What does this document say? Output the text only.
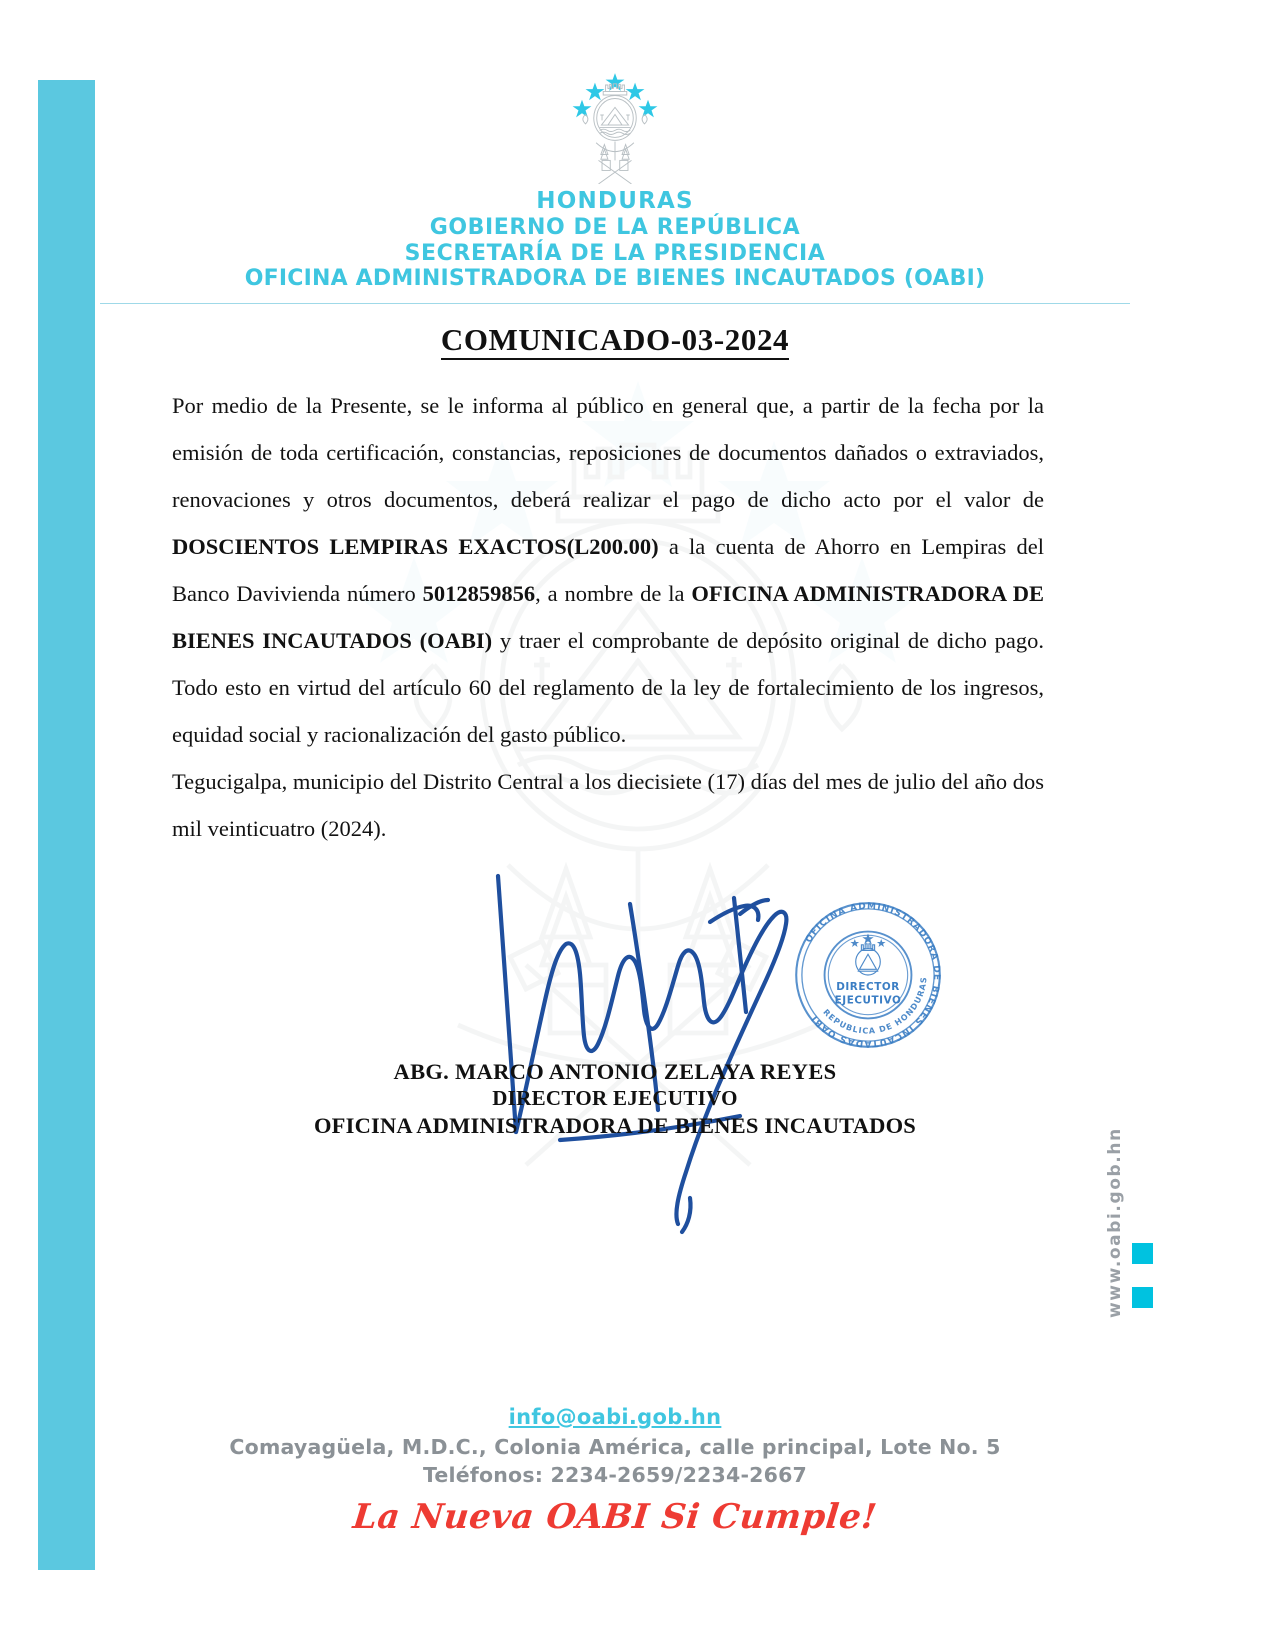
HONDURAS
GOBIERNO DE LA REPÚBLICA
SECRETARÍA DE LA PRESIDENCIA
OFICINA ADMINISTRADORA DE BIENES INCAUTADOS (OABI)
COMUNICADO-03-2024

Por medio de la Presente, se le informa al público en general que, a partir de la fecha por la emisión de toda certificación, constancias, reposiciones de documentos dañados o extraviados, renovaciones y otros documentos, deberá realizar el pago de dicho acto por el valor de DOSCIENTOS LEMPIRAS EXACTOS(L200.00) a la cuenta de Ahorro en Lempiras del Banco Davivienda número 5012859856, a nombre de la OFICINA ADMINISTRADORA DE BIENES INCAUTADOS (OABI) y traer el comprobante de depósito original de dicho pago. Todo esto en virtud del artículo 60 del reglamento de la ley de fortalecimiento de los ingresos, equidad social y racionalización del gasto público.

Tegucigalpa, municipio del Distrito Central a los diecisiete (17) días del mes de julio del año dos mil veinticuatro (2024).

OFICINA ADMINISTRADORA DE BIENES INCAUTADAS OABI REPUBLICA DE HONDURAS
DIRECTOR
EJECUTIVO
ABG. MARCO ANTONIO ZELAYA REYES
DIRECTOR EJECUTIVO
OFICINA ADMINISTRADORA DE BIENES INCAUTADOS
www.oabi.gob.hn
info@oabi.gob.hn
Comayagüela, M.D.C., Colonia América, calle principal, Lote No. 5
Teléfonos: 2234-2659/2234-2667
La Nueva OABI Si Cumple!
